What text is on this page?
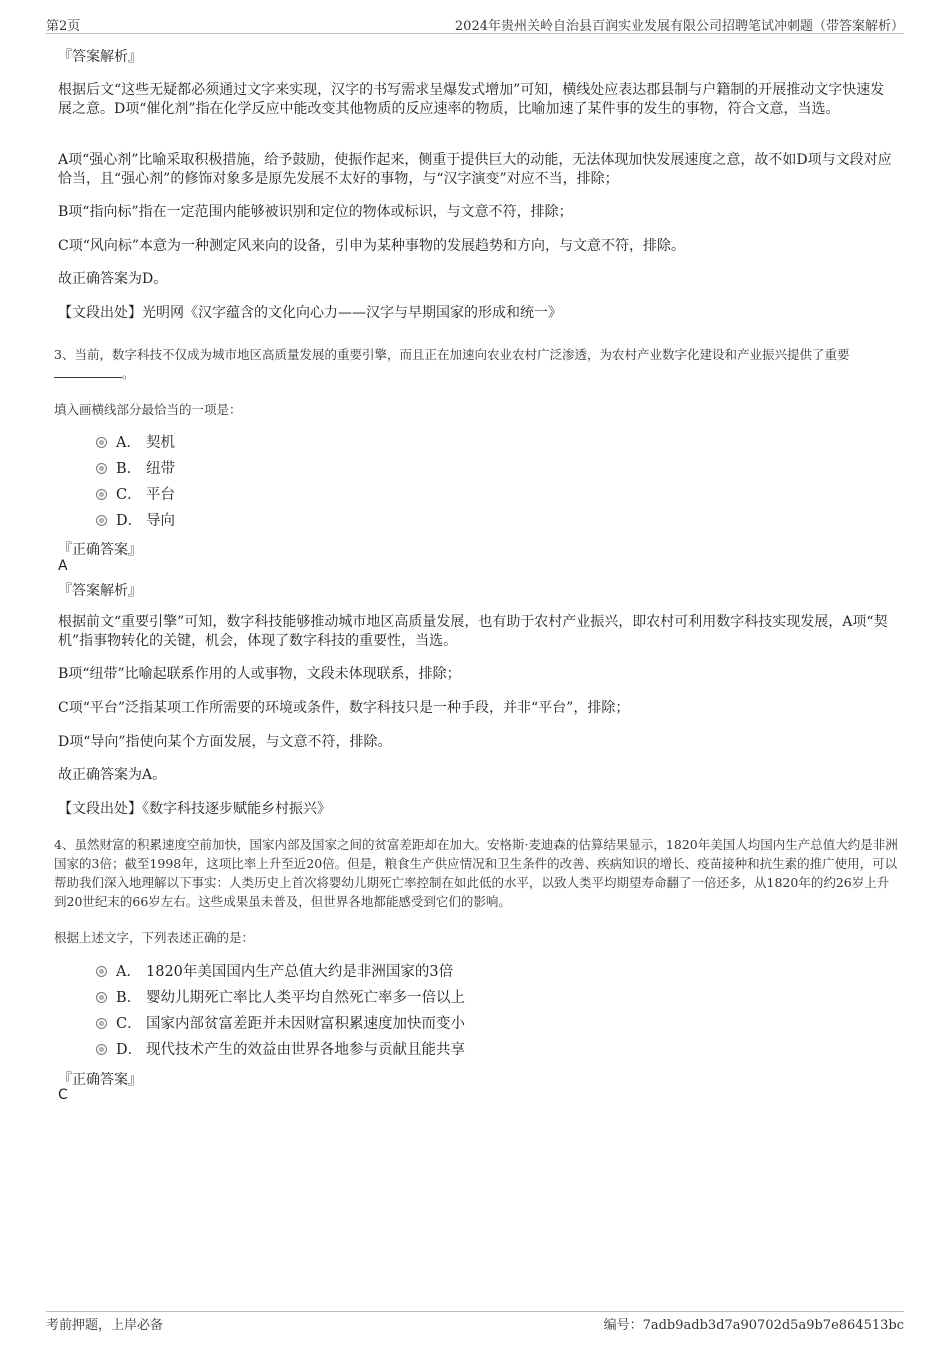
第2页	2024年贵州关岭自治县百润实业发展有限公司招聘笔试冲刺题（带答案解析）
『答案解析』
根据后文“这些无疑都必须通过文字来实现，汉字的书写需求呈爆发式增加”可知，横线处应表达郡县制与户籍制的开展推动文字快速发展之意。D项“催化剂”指在化学反应中能改变其他物质的反应速率的物质，比喻加速了某件事的发生的事物，符合文意，当选。
A项“强心剂”比喻采取积极措施，给予鼓励，使振作起来，侧重于提供巨大的动能，无法体现加快发展速度之意，故不如D项与文段对应恰当，且“强心剂”的修饰对象多是原先发展不太好的事物，与“汉字演变”对应不当，排除；
B项“指向标”指在一定范围内能够被识别和定位的物体或标识，与文意不符，排除；
C项“风向标”本意为一种测定风来向的设备，引申为某种事物的发展趋势和方向，与文意不符，排除。
故正确答案为D。
【文段出处】光明网《汉字蕴含的文化向心力——汉字与早期国家的形成和统一》
3、当前，数字科技不仅成为城市地区高质量发展的重要引擎，而且正在加速向农业农村广泛渗透，为农村产业数字化建设和产业振兴提供了重要。
填入画横线部分最恰当的一项是：
A． 契机
B． 纽带
C． 平台
D． 导向
『正确答案』
A
『答案解析』
根据前文“重要引擎”可知，数字科技能够推动城市地区高质量发展，也有助于农村产业振兴，即农村可利用数字科技实现发展，A项“契机”指事物转化的关键，机会，体现了数字科技的重要性，当选。
B项“纽带”比喻起联系作用的人或事物，文段未体现联系，排除；
C项“平台”泛指某项工作所需要的环境或条件，数字科技只是一种手段，并非“平台”，排除；
D项“导向”指使向某个方面发展，与文意不符，排除。
故正确答案为A。
【文段出处】《数字科技逐步赋能乡村振兴》
4、虽然财富的积累速度空前加快，国家内部及国家之间的贫富差距却在加大。安格斯·麦迪森的估算结果显示，1820年美国人均国内生产总值大约是非洲国家的3倍；截至1998年，这项比率上升至近20倍。但是，粮食生产供应情况和卫生条件的改善、疾病知识的增长、疫苗接种和抗生素的推广使用，可以帮助我们深入地理解以下事实：人类历史上首次将婴幼儿期死亡率控制在如此低的水平，以致人类平均期望寿命翻了一倍还多，从1820年的约26岁上升到20世纪末的66岁左右。这些成果虽未普及，但世界各地都能感受到它们的影响。
根据上述文字，下列表述正确的是：
A． 1820年美国国内生产总值大约是非洲国家的3倍
B． 婴幼儿期死亡率比人类平均自然死亡率多一倍以上
C． 国家内部贫富差距并未因财富积累速度加快而变小
D． 现代技术产生的效益由世界各地参与贡献且能共享
『正确答案』
C
考前押题，上岸必备	编号：7adb9adb3d7a90702d5a9b7e864513bc
